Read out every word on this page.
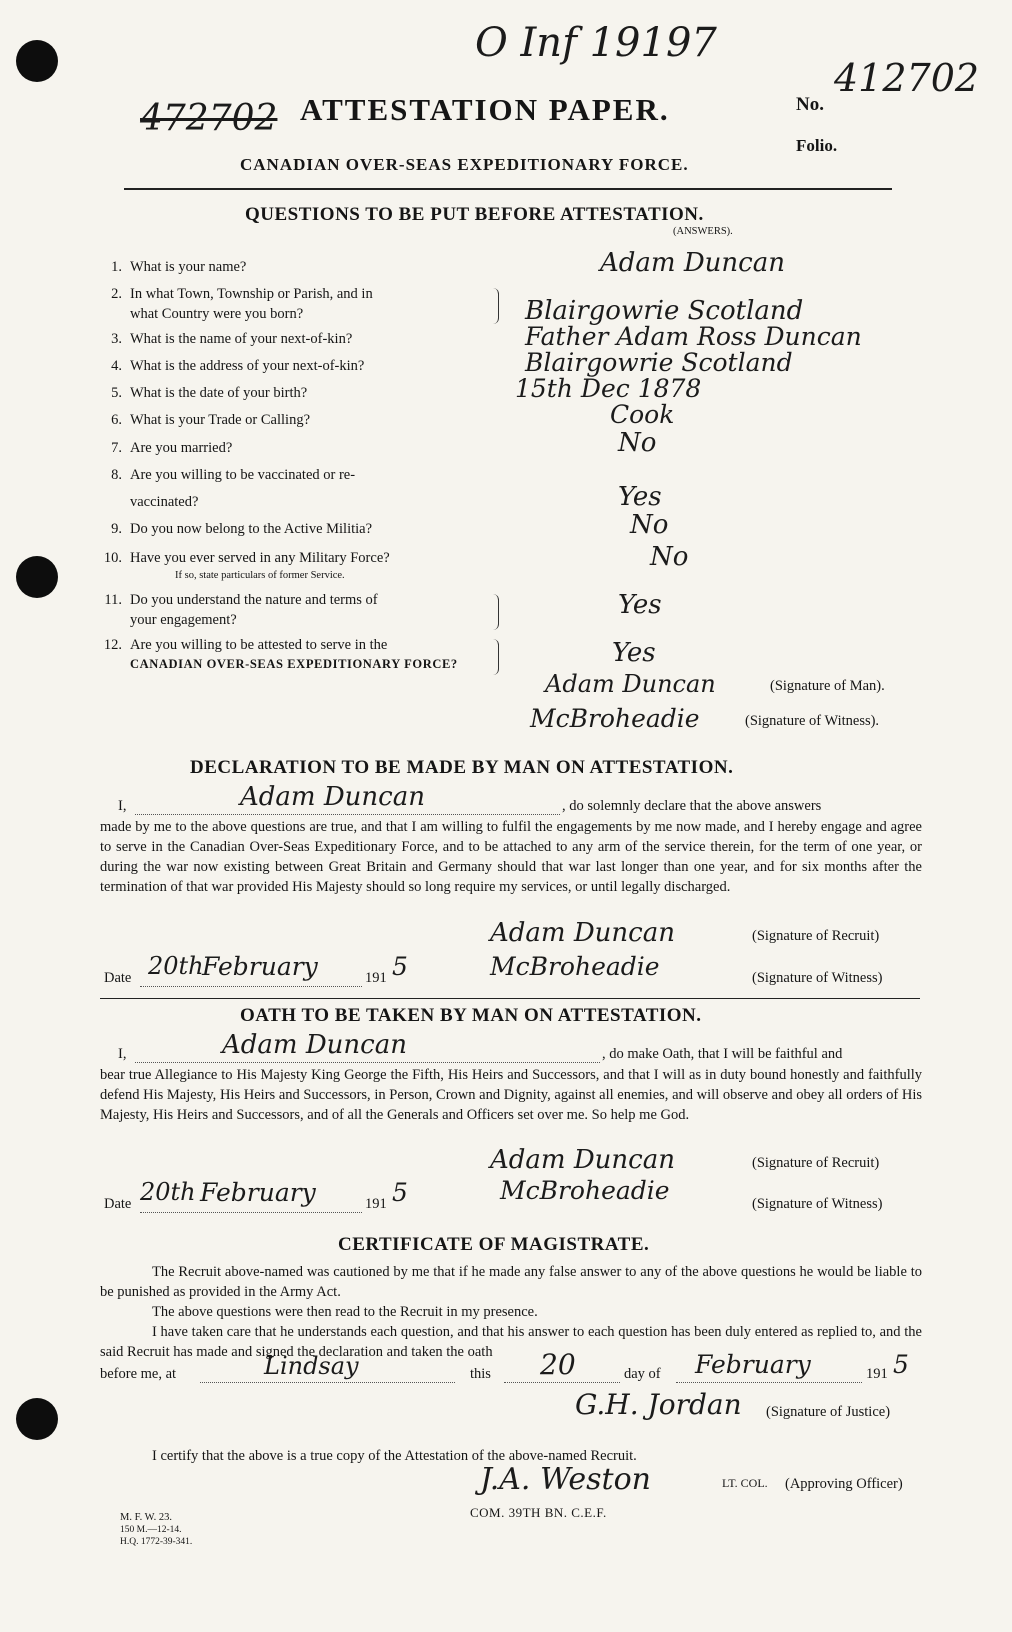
O Inf 19197
472702 ATTESTATION PAPER.	No.
412702
Folio.
CANADIAN OVER-SEAS EXPEDITIONARY FORCE.
QUESTIONS TO BE PUT BEFORE ATTESTATION.
(ANSWERS).
1. What is your name?	Adam Duncan
2. In what Town, Township or Parish, and in
what Country were you born?	Blairgowrie Scotland
3. What is the name of your next-of-kin?	Father Adam Ross Duncan
4. What is the address of your next-of-kin?	Blairgowrie Scotland
5. What is the date of your birth?	15th Dec 1878
6. What is your Trade or Calling?	Cook
7. Are you married?	No
8. Are you willing to be vaccinated or re-
vaccinated?	Yes
9. Do you now belong to the Active Militia?	No
10. Have you ever served in any Military Force?
If so, state particulars of former Service.
No
11. Do you understand the nature and terms of
your engagement?	Yes
12. Are you willing to be attested to serve in the
CANADIAN OVER-SEAS EXPEDITIONARY FORCE?	Yes
Adam Duncan	(Signature of Man).
McBroheadie	(Signature of Witness).
DECLARATION TO BE MADE BY MAN ON ATTESTATION.
I,	Adam Duncan	, do solemnly declare that the above answers
made by me to the above questions are true, and that I am willing to fulfil the engagements by me now made, and I hereby engage and agree to serve in the Canadian Over-Seas Expeditionary Force, and to be attached to any arm of the service therein, for the term of one year, or during the war now existing between Great Britain and Germany should that war last longer than one year, and for six months after the termination of that war provided His Majesty should so long require my services, or until legally discharged.
Adam Duncan	(Signature of Recruit)
Date 20th
February	191 5	McBroheadie	(Signature of Witness)
OATH TO BE TAKEN BY MAN ON ATTESTATION.
I,	Adam Duncan	, do make Oath, that I will be faithful and
bear true Allegiance to His Majesty King George the Fifth, His Heirs and Successors, and that I will as in duty bound honestly and faithfully defend His Majesty, His Heirs and Successors, in Person, Crown and Dignity, against all enemies, and will observe and obey all orders of His Majesty, His Heirs and Successors, and of all the Generals and Officers set over me. So help me God.
Adam Duncan	(Signature of Recruit)
Date 20th February	191 5	McBroheadie	(Signature of Witness)
CERTIFICATE OF MAGISTRATE.
The Recruit above-named was cautioned by me that if he made any false answer to any of the above questions he would be liable to be punished as provided in the Army Act.
The above questions were then read to the Recruit in my presence.
I have taken care that he understands each question, and that his answer to each question has been duly entered as replied to, and the said Recruit has made and signed the declaration and taken the oath
before me, at	Lindsay	this 20	day of February	191 5
G.H. Jordan (Signature of Justice)
I certify that the above is a true copy of the Attestation of the above-named Recruit.
J.A. Weston	LT. COL. (Approving Officer)
COM. 39TH BN. C.E.F.
M. F. W. 23.
150 M.—12-14.
H.Q. 1772-39-341.
